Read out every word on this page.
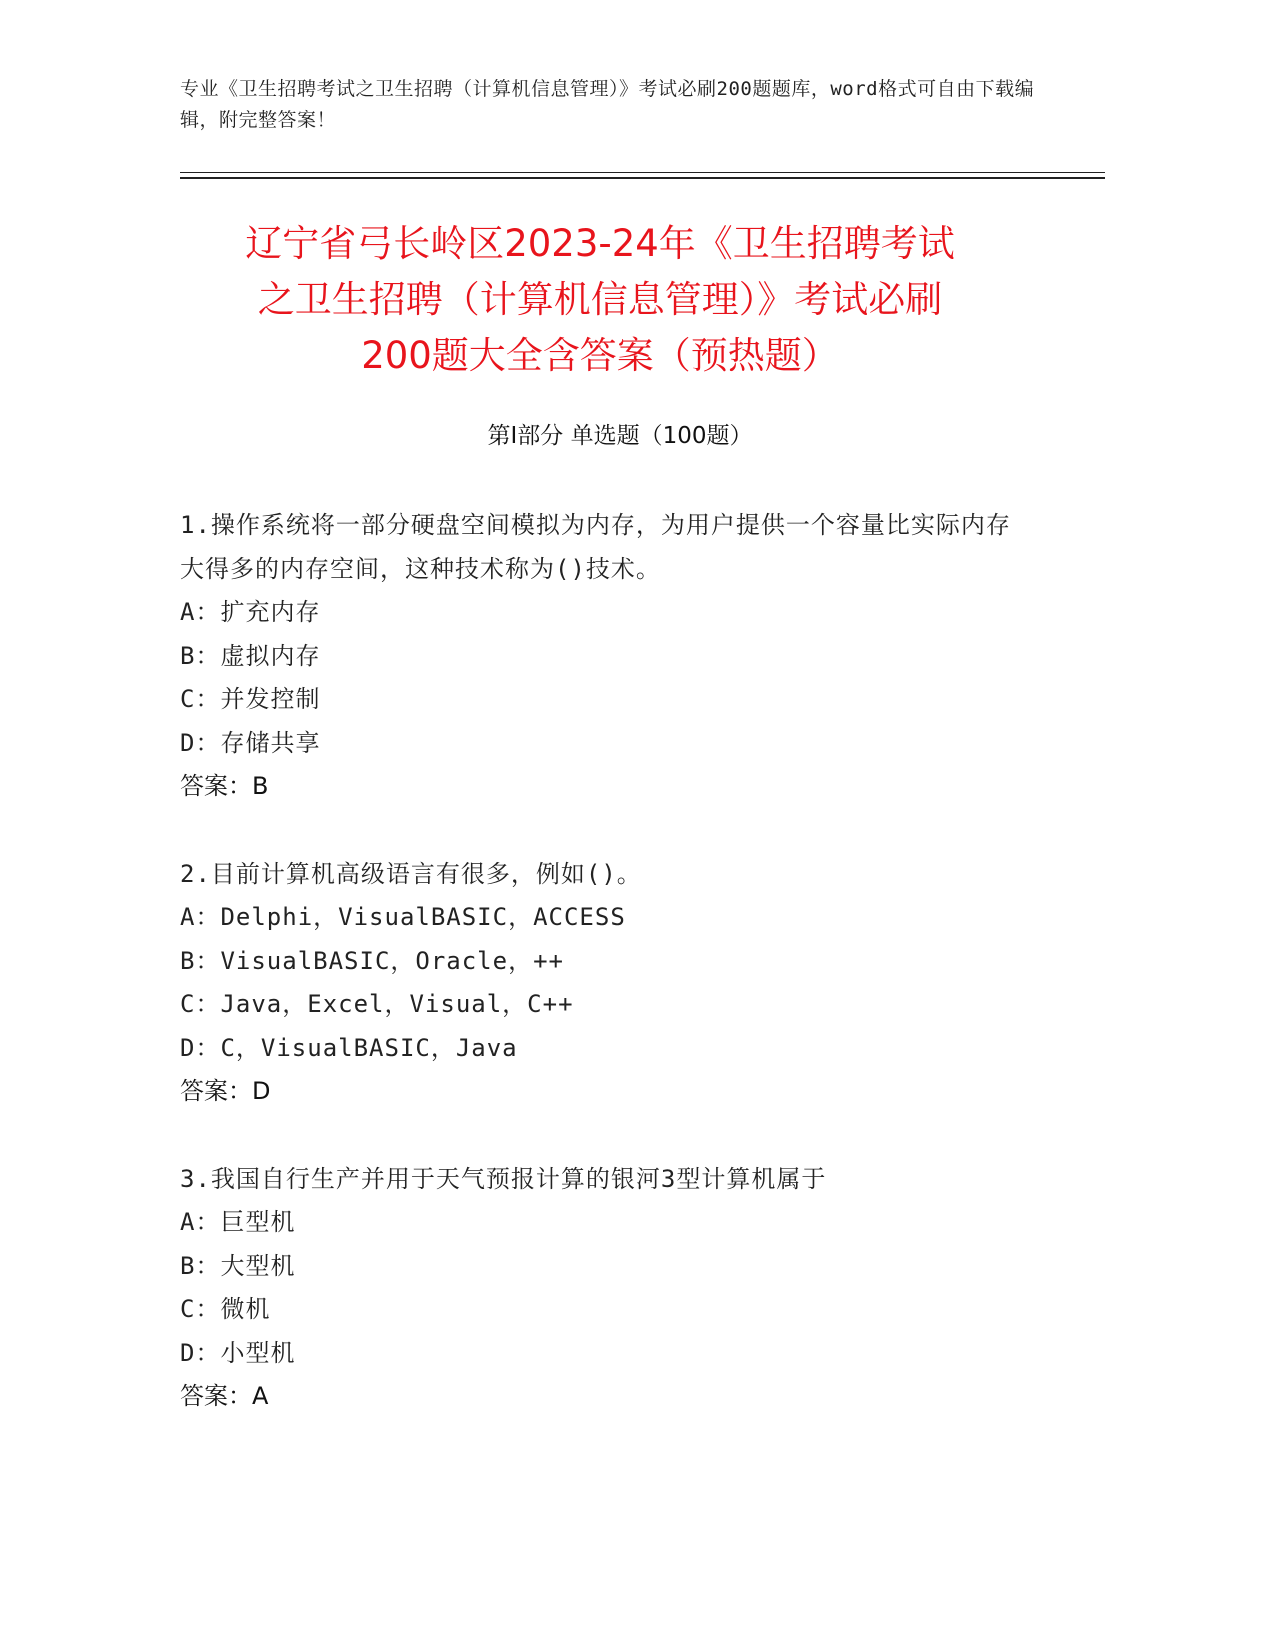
专业《卫生招聘考试之卫生招聘（计算机信息管理）》考试必刷200题题库，word格式可自由下载编辑，附完整答案！
辽宁省弓长岭区2023-24年《卫生招聘考试
之卫生招聘（计算机信息管理）》考试必刷
200题大全含答案（预热题）
第Ⅰ部分 单选题（100题）
1.操作系统将一部分硬盘空间模拟为内存，为用户提供一个容量比实际内存大得多的内存空间，这种技术称为()技术。
A：扩充内存
B：虚拟内存
C：并发控制
D：存储共享
答案：B
2.目前计算机高级语言有很多，例如()。
A：Delphi，VisualBASIC，ACCESS
B：VisualBASIC，Oracle，++
C：Java，Excel，Visual，C++
D：C，VisualBASIC，Java
答案：D
3.我国自行生产并用于天气预报计算的银河3型计算机属于
A：巨型机
B：大型机
C：微机
D：小型机
答案：A
